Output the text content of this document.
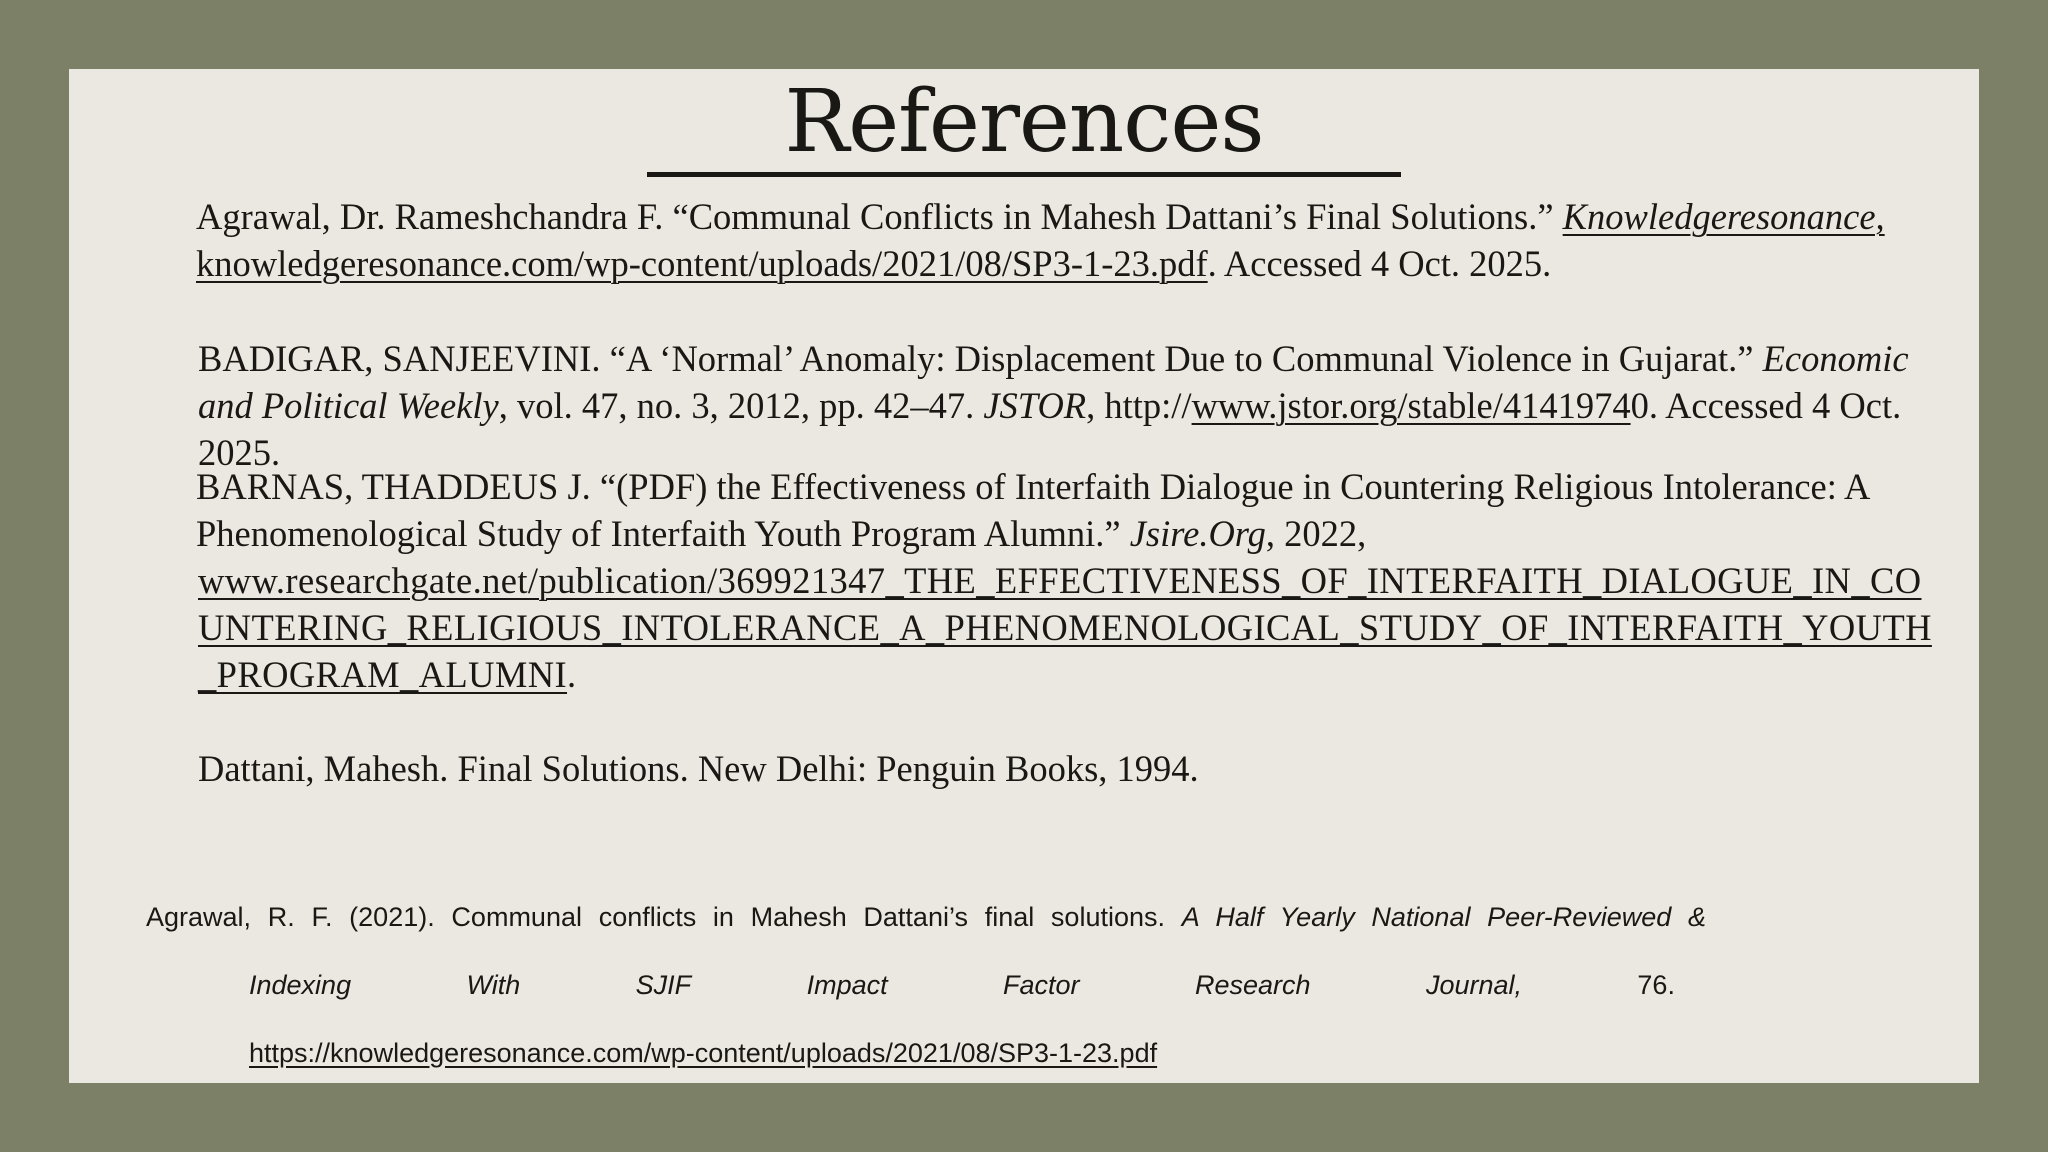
References
Agrawal, Dr. Rameshchandra F. “Communal Conflicts in Mahesh Dattani’s Final Solutions.” Knowledgeresonance,
knowledgeresonance.com/wp-content/uploads/2021/08/SP3-1-23.pdf. Accessed 4 Oct. 2025.
BADIGAR, SANJEEVINI. “A ‘Normal’ Anomaly: Displacement Due to Communal Violence in Gujarat.” Economic and Political Weekly, vol. 47, no. 3, 2012, pp. 42–47. JSTOR, http://www.jstor.org/stable/41419740. Accessed 4 Oct. 2025.
BARNAS, THADDEUS J. “(PDF) the Effectiveness of Interfaith Dialogue in Countering Religious Intolerance: A Phenomenological Study of Interfaith Youth Program Alumni.” Jsire.Org, 2022,
www.researchgate.net/publication/369921347_THE_EFFECTIVENESS_OF_INTERFAITH_DIALOGUE_IN_COUNTERING_RELIGIOUS_INTOLERANCE_A_PHENOMENOLOGICAL_STUDY_OF_INTERFAITH_YOUTH_PROGRAM_ALUMNI.
Dattani, Mahesh. Final Solutions. New Delhi: Penguin Books, 1994.
Agrawal, R. F. (2021). Communal conflicts in Mahesh Dattani’s final solutions. A Half Yearly National Peer-Reviewed &
Indexing	With	SJIF	Impact	Factor	Research	Journal,	76.
https://knowledgeresonance.com/wp-content/uploads/2021/08/SP3-1-23.pdf
